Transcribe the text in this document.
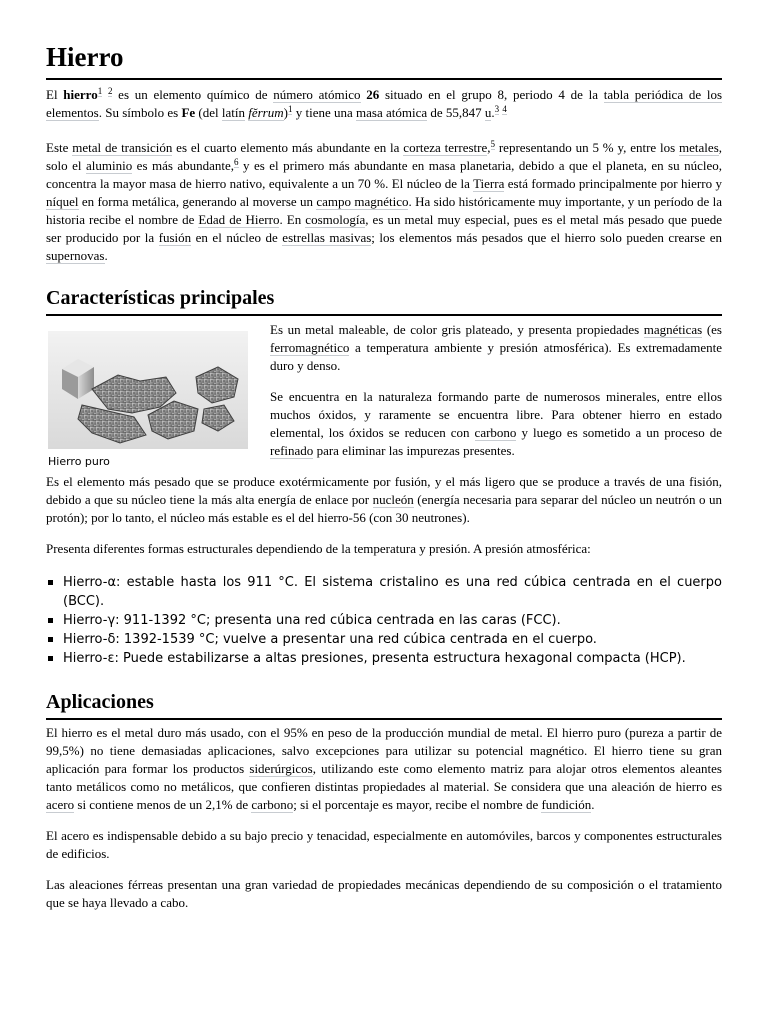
Hierro

El hierro$^1$ $^2$ es un elemento químico de número atómico 26 situado en el grupo 8, periodo 4 de la tabla periódica de los elementos. Su símbolo es Fe (del latín fĕrrum)$^1$ y tiene una masa atómica de 55,847 u.$^3$ $^4$

Este metal de transición es el cuarto elemento más abundante en la corteza terrestre,$^5$ representando un 5 % y, entre los metales, solo el aluminio es más abundante,$^6$ y es el primero más abundante en masa planetaria, debido a que el planeta, en su núcleo, concentra la mayor masa de hierro nativo, equivalente a un 70 %. El núcleo de la Tierra está formado principalmente por hierro y níquel en forma metálica, generando al moverse un campo magnético. Ha sido históricamente muy importante, y un período de la historia recibe el nombre de Edad de Hierro. En cosmología, es un metal muy especial, pues es el metal más pesado que puede ser producido por la fusión en el núcleo de estrellas masivas; los elementos más pesados que el hierro solo pueden crearse en supernovas.

Características principales
Hierro puro

Es un metal maleable, de color gris plateado, y presenta propiedades magnéticas (es ferromagnético a temperatura ambiente y presión atmosférica). Es extremadamente duro y denso.

Se encuentra en la naturaleza formando parte de numerosos minerales, entre ellos muchos óxidos, y raramente se encuentra libre. Para obtener hierro en estado elemental, los óxidos se reducen con carbono y luego es sometido a un proceso de refinado para eliminar las impurezas presentes.

Es el elemento más pesado que se produce exotérmicamente por fusión, y el más ligero que se produce a través de una fisión, debido a que su núcleo tiene la más alta energía de enlace por nucleón (energía necesaria para separar del núcleo un neutrón o un protón); por lo tanto, el núcleo más estable es el del hierro-56 (con 30 neutrones).

Presenta diferentes formas estructurales dependiendo de la temperatura y presión. A presión atmosférica:

Hierro-α: estable hasta los 911 °C. El sistema cristalino es una red cúbica centrada en el cuerpo (BCC).
Hierro-γ: 911-1392 °C; presenta una red cúbica centrada en las caras (FCC).
Hierro-δ: 1392-1539 °C; vuelve a presentar una red cúbica centrada en el cuerpo.
Hierro-ε: Puede estabilizarse a altas presiones, presenta estructura hexagonal compacta (HCP).
Aplicaciones

El hierro es el metal duro más usado, con el 95% en peso de la producción mundial de metal. El hierro puro (pureza a partir de 99,5%) no tiene demasiadas aplicaciones, salvo excepciones para utilizar su potencial magnético. El hierro tiene su gran aplicación para formar los productos siderúrgicos, utilizando este como elemento matriz para alojar otros elementos aleantes tanto metálicos como no metálicos, que confieren distintas propiedades al material. Se considera que una aleación de hierro es acero si contiene menos de un 2,1% de carbono; si el porcentaje es mayor, recibe el nombre de fundición.

El acero es indispensable debido a su bajo precio y tenacidad, especialmente en automóviles, barcos y componentes estructurales de edificios.

Las aleaciones férreas presentan una gran variedad de propiedades mecánicas dependiendo de su composición o el tratamiento que se haya llevado a cabo.
